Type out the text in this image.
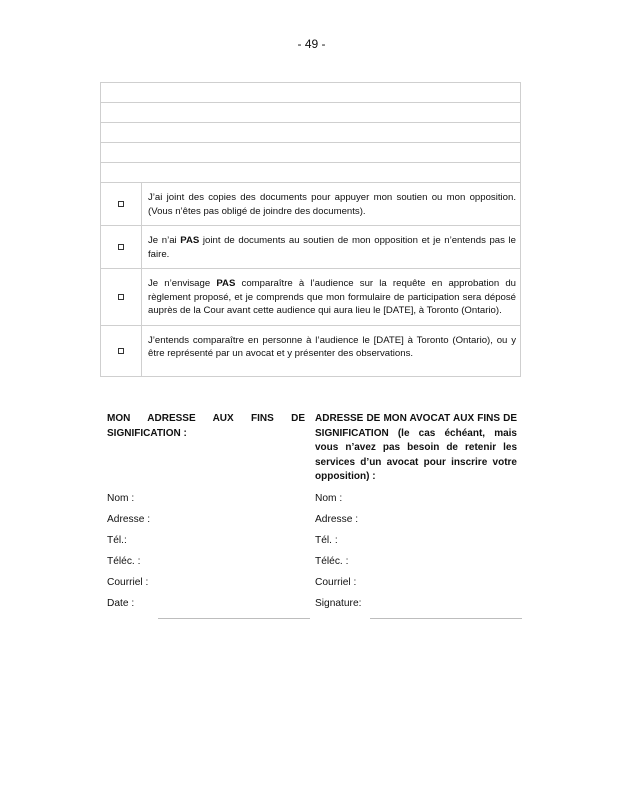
- 49 -
J’ai joint des copies des documents pour appuyer mon soutien ou mon opposition. (Vous n’êtes pas obligé de joindre des documents).
Je n’ai PAS joint de documents au soutien de mon opposition et je n’entends pas le faire.
Je n’envisage PAS comparaître à l’audience sur la requête en approbation du règlement proposé, et je comprends que mon formulaire de participation sera déposé auprès de la Cour avant cette audience qui aura lieu le [DATE], à Toronto (Ontario).
J’entends comparaître en personne à l’audience le [DATE] à Toronto (Ontario), ou y être représenté par un avocat et y présenter des observations.
MON ADRESSE AUX FINS DE SIGNIFICATION :
ADRESSE DE MON AVOCAT AUX FINS DE SIGNIFICATION (le cas échéant, mais vous n’avez pas besoin de retenir les services d’un avocat pour inscrire votre opposition) :
Nom :
Adresse :
Tél.:
Téléc. :
Courriel :
Date :
Nom :
Adresse :
Tél. :
Téléc. :
Courriel :
Signature:
